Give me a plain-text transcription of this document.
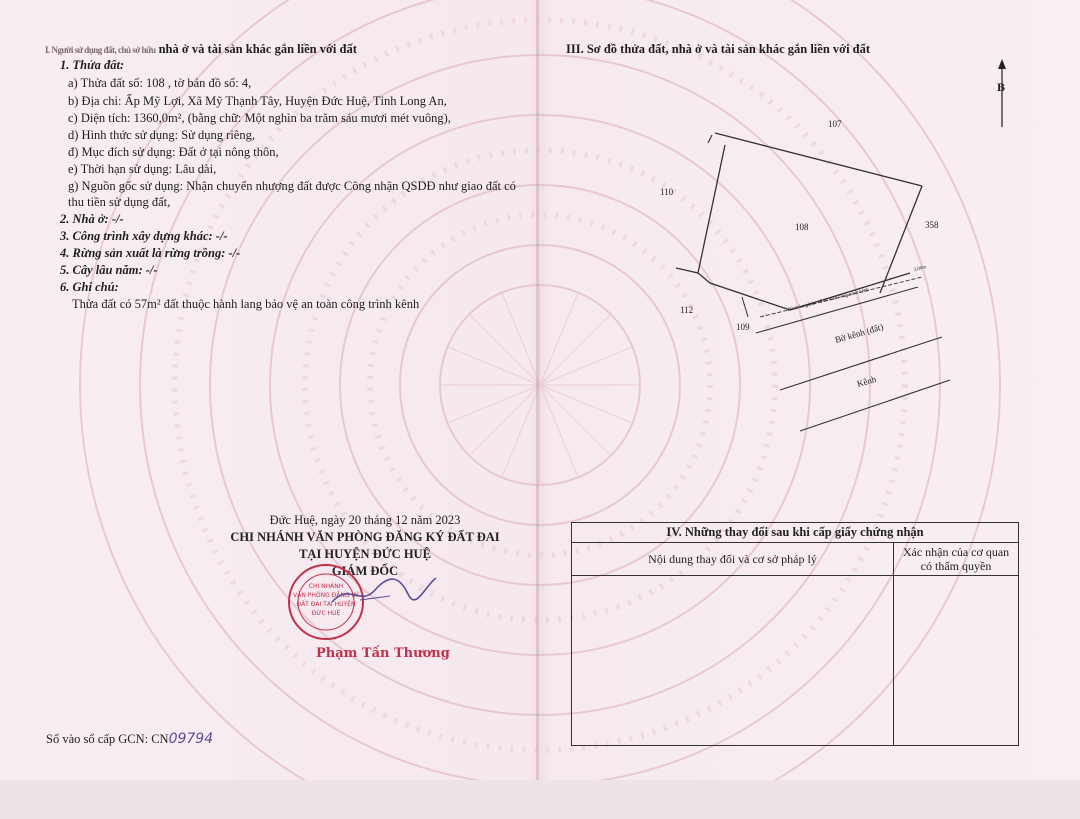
I. Người sử dụng đất, chủ sở hữu nhà ở và tài sản khác gắn liền với đất
1. Thửa đất:
a) Thửa đất số: 108 , tờ bản đồ số: 4,
b) Địa chỉ: Ấp Mỹ Lợi, Xã Mỹ Thạnh Tây, Huyện Đức Huệ, Tỉnh Long An,
c) Diện tích: 1360,0m², (bằng chữ: Một nghìn ba trăm sáu mươi mét vuông),
d) Hình thức sử dụng: Sử dụng riêng,
đ) Mục đích sử dụng: Đất ở tại nông thôn,
e) Thời hạn sử dụng: Lâu dài,
g) Nguồn gốc sử dụng: Nhận chuyển nhượng đất được Công nhận QSDĐ như giao đất có
thu tiền sử dụng đất,
2. Nhà ở: -/-
3. Công trình xây dựng khác: -/-
4. Rừng sản xuất là rừng trồng: -/-
5. Cây lâu năm: -/-
6. Ghi chú:
Thửa đất có 57m² đất thuộc hành lang bảo vệ an toàn công trình kênh
Đức Huệ, ngày 20 tháng 12 năm 2023
CHI NHÁNH VĂN PHÒNG ĐĂNG KÝ ĐẤT ĐAI
TẠI HUYỆN ĐỨC HUỆ
GIÁM ĐỐC
CHI NHÁNH
VĂN PHÒNG ĐĂNG KÝ
ĐẤT ĐAI TẠI HUYỆN
ĐỨC HUỆ
Phạm Tấn Thương
Số vào sổ cấp GCN: CN09794
III. Sơ đồ thửa đất, nhà ở và tài sản khác gắn liền với đất
B
107
110
108	358
112
109
Hành lang bảo vệ an toàn công trình kênh
3,00m
Bờ kênh (đất)
Kênh
IV. Những thay đổi sau khi cấp giấy chứng nhận	
Nội dung thay đổi và cơ sở pháp lý	Xác nhận của cơ quan
có thẩm quyền
